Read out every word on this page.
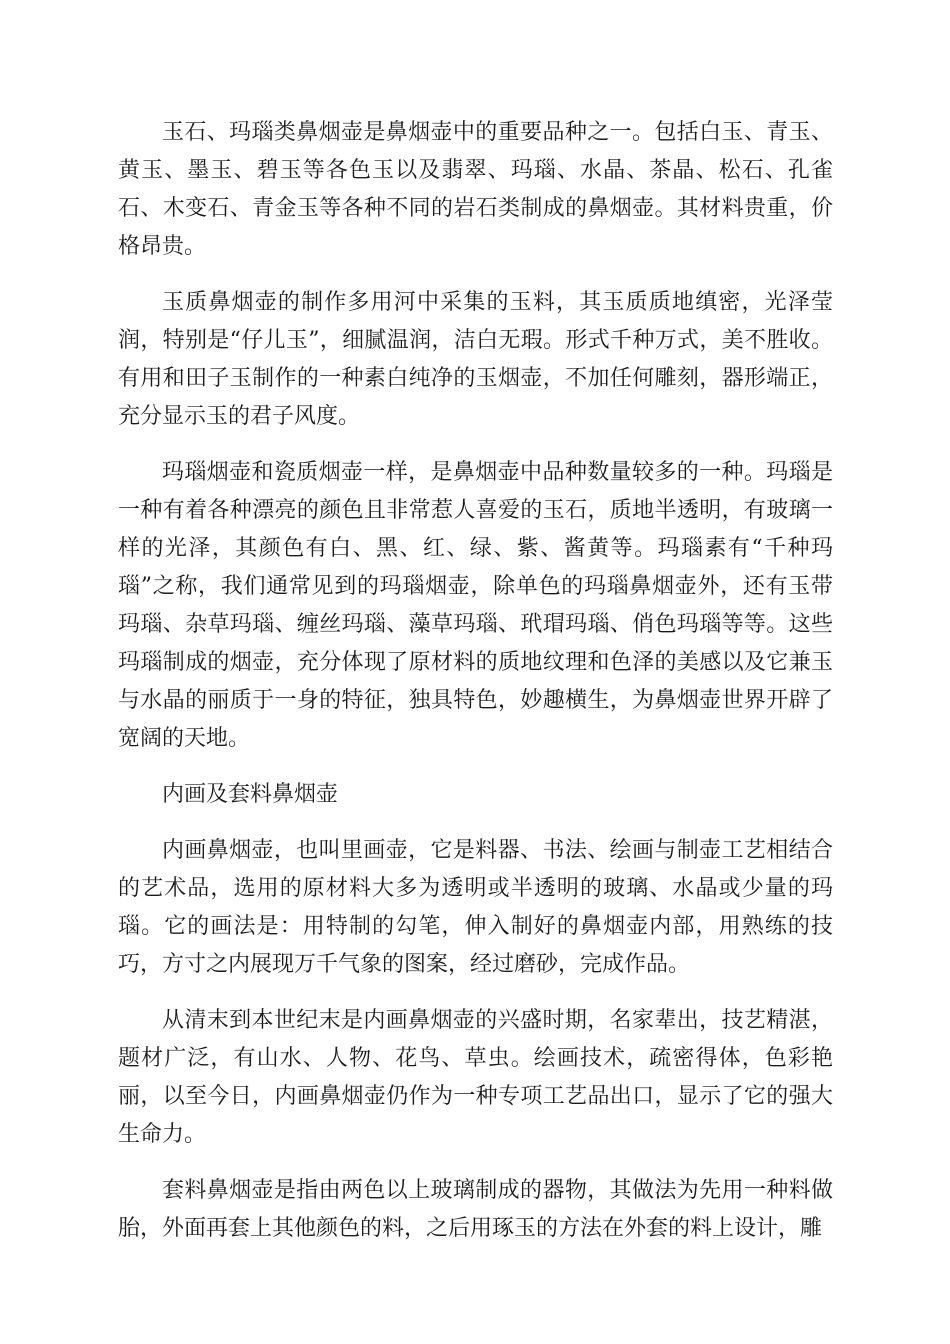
玉石、玛瑙类鼻烟壶是鼻烟壶中的重要品种之一。包括白玉、青玉、黄玉、墨玉、碧玉等各色玉以及翡翠、玛瑙、水晶、茶晶、松石、孔雀石、木变石、青金玉等各种不同的岩石类制成的鼻烟壶。其材料贵重，价格昂贵。

玉质鼻烟壶的制作多用河中采集的玉料，其玉质质地缜密，光泽莹润，特别是“仔儿玉”，细腻温润，洁白无瑕。形式千种万式，美不胜收。有用和田子玉制作的一种素白纯净的玉烟壶，不加任何雕刻，器形端正，充分显示玉的君子风度。

玛瑙烟壶和瓷质烟壶一样，是鼻烟壶中品种数量较多的一种。玛瑙是一种有着各种漂亮的颜色且非常惹人喜爱的玉石，质地半透明，有玻璃一样的光泽，其颜色有白、黑、红、绿、紫、酱黄等。玛瑙素有“千种玛瑙”之称，我们通常见到的玛瑙烟壶，除单色的玛瑙鼻烟壶外，还有玉带玛瑙、杂草玛瑙、缠丝玛瑙、藻草玛瑙、玳瑁玛瑙、俏色玛瑙等等。这些玛瑙制成的烟壶，充分体现了原材料的质地纹理和色泽的美感以及它兼玉与水晶的丽质于一身的特征，独具特色，妙趣横生，为鼻烟壶世界开辟了宽阔的天地。

内画及套料鼻烟壶

内画鼻烟壶，也叫里画壶，它是料器、书法、绘画与制壶工艺相结合的艺术品，选用的原材料大多为透明或半透明的玻璃、水晶或少量的玛瑙。它的画法是：用特制的勾笔，伸入制好的鼻烟壶内部，用熟练的技巧，方寸之内展现万千气象的图案，经过磨砂，完成作品。

从清末到本世纪末是内画鼻烟壶的兴盛时期，名家辈出，技艺精湛，题材广泛，有山水、人物、花鸟、草虫。绘画技术，疏密得体，色彩艳丽，以至今日，内画鼻烟壶仍作为一种专项工艺品出口，显示了它的强大生命力。

套料鼻烟壶是指由两色以上玻璃制成的器物，其做法为先用一种料做胎，外面再套上其他颜色的料，之后用琢玉的方法在外套的料上设计，雕
